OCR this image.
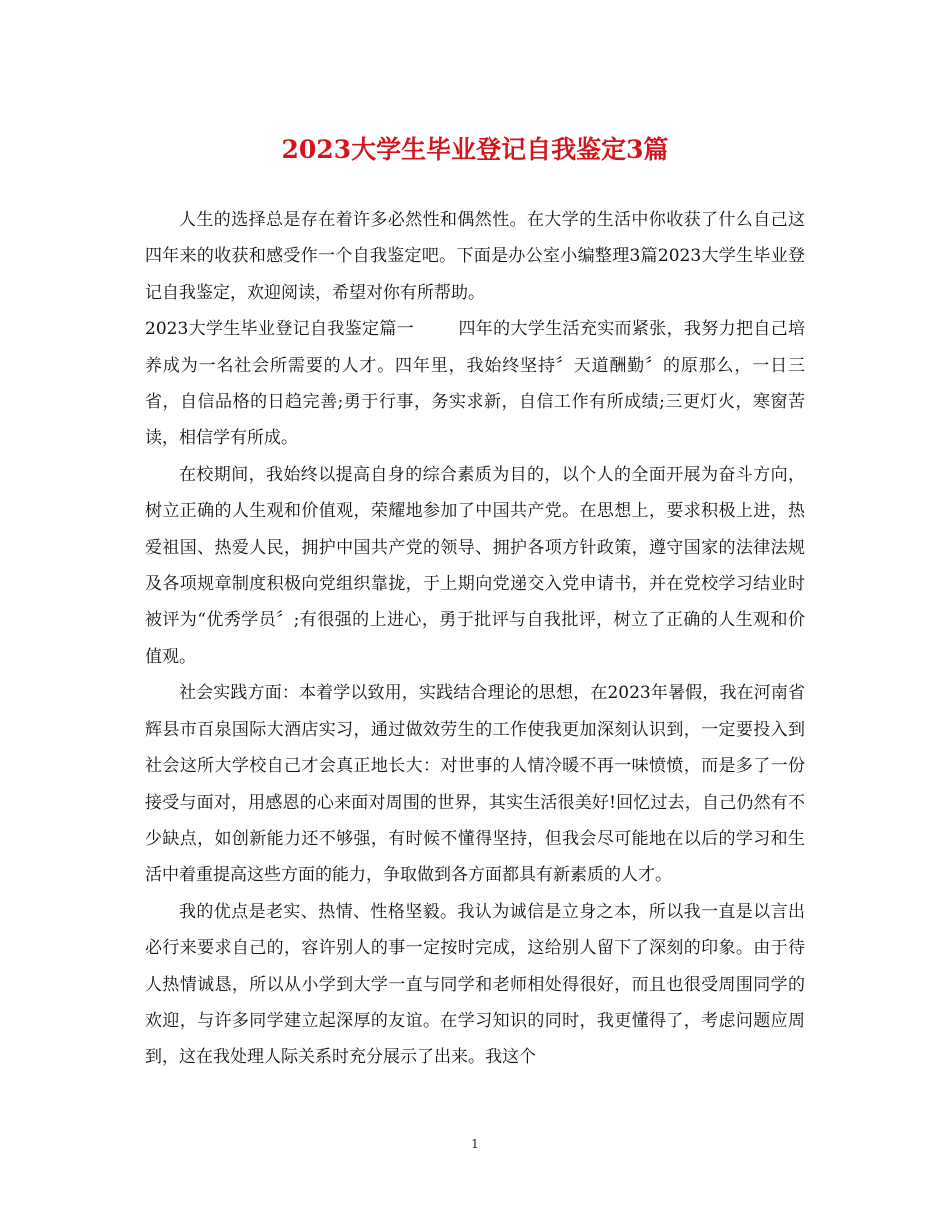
2023大学生毕业登记自我鉴定3篇

人生的选择总是存在着许多必然性和偶然性。在大学的生活中你收获了什么自己这四年来的收获和感受作一个自我鉴定吧。下面是办公室小编整理3篇2023大学生毕业登记自我鉴定，欢迎阅读，希望对你有所帮助。

2023大学生毕业登记自我鉴定篇一	四年的大学生活充实而紧张，我努力把自己培养成为一名社会所需要的人才。四年里，我始终坚持〞天道酬勤〞的原那么，一日三省，自信品格的日趋完善;勇于行事，务实求新，自信工作有所成绩;三更灯火，寒窗苦读，相信学有所成。

在校期间，我始终以提高自身的综合素质为目的，以个人的全面开展为奋斗方向，树立正确的人生观和价值观，荣耀地参加了中国共产党。在思想上，要求积极上进，热爱祖国、热爱人民，拥护中国共产党的领导、拥护各项方针政策，遵守国家的法律法规及各项规章制度积极向党组织靠拢，于上期向党递交入党申请书，并在党校学习结业时被评为“优秀学员〞;有很强的上进心，勇于批评与自我批评，树立了正确的人生观和价值观。

社会实践方面：本着学以致用，实践结合理论的思想，在2023年暑假，我在河南省辉县市百泉国际大酒店实习，通过做效劳生的工作使我更加深刻认识到，一定要投入到社会这所大学校自己才会真正地长大：对世事的人情冷暖不再一味愤愤，而是多了一份接受与面对，用感恩的心来面对周围的世界，其实生活很美好!回忆过去，自己仍然有不少缺点，如创新能力还不够强，有时候不懂得坚持，但我会尽可能地在以后的学习和生活中着重提高这些方面的能力，争取做到各方面都具有新素质的人才。

我的优点是老实、热情、性格坚毅。我认为诚信是立身之本，所以我一直是以言出必行来要求自己的，容许别人的事一定按时完成，这给别人留下了深刻的印象。由于待人热情诚恳，所以从小学到大学一直与同学和老师相处得很好，而且也很受周围同学的欢迎，与许多同学建立起深厚的友谊。在学习知识的同时，我更懂得了，考虑问题应周到，这在我处理人际关系时充分展示了出来。我这个

1
